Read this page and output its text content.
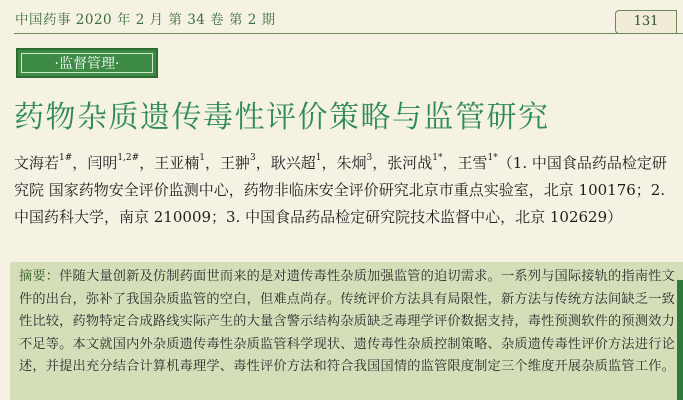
中国药事 2020 年 2 月 第 34 卷 第 2 期	131
·监督管理·
药物杂质遗传毒性评价策略与监管研究
文海若$^{1\#}$，闫明$^{1,2\#}$，王亚楠$^1$，王翀$^3$，耿兴超$^1$，朱炯$^3$，张河战$^{1*}$，王雪$^{1*}$（1. 中国食品药品检定研究院 国家药物安全评价监测中心，药物非临床安全评价研究北京市重点实验室，北京 100176；2. 中国药科大学，南京 210009；3. 中国食品药品检定研究院技术监督中心，北京 102629）
摘要：伴随大量创新及仿制药面世而来的是对遗传毒性杂质加强监管的迫切需求。一系列与国际接轨的指南性文件的出台，弥补了我国杂质监管的空白，但难点尚存。传统评价方法具有局限性，新方法与传统方法间缺乏一致性比较，药物特定合成路线实际产生的大量含警示结构杂质缺乏毒理学评价数据支持，毒性预测软件的预测效力不足等。本文就国内外杂质遗传毒性杂质监管科学现状、遗传毒性杂质控制策略、杂质遗传毒性评价方法进行论述，并提出充分结合计算机毒理学、毒性评价方法和符合我国国情的监管限度制定三个维度开展杂质监管工作。
